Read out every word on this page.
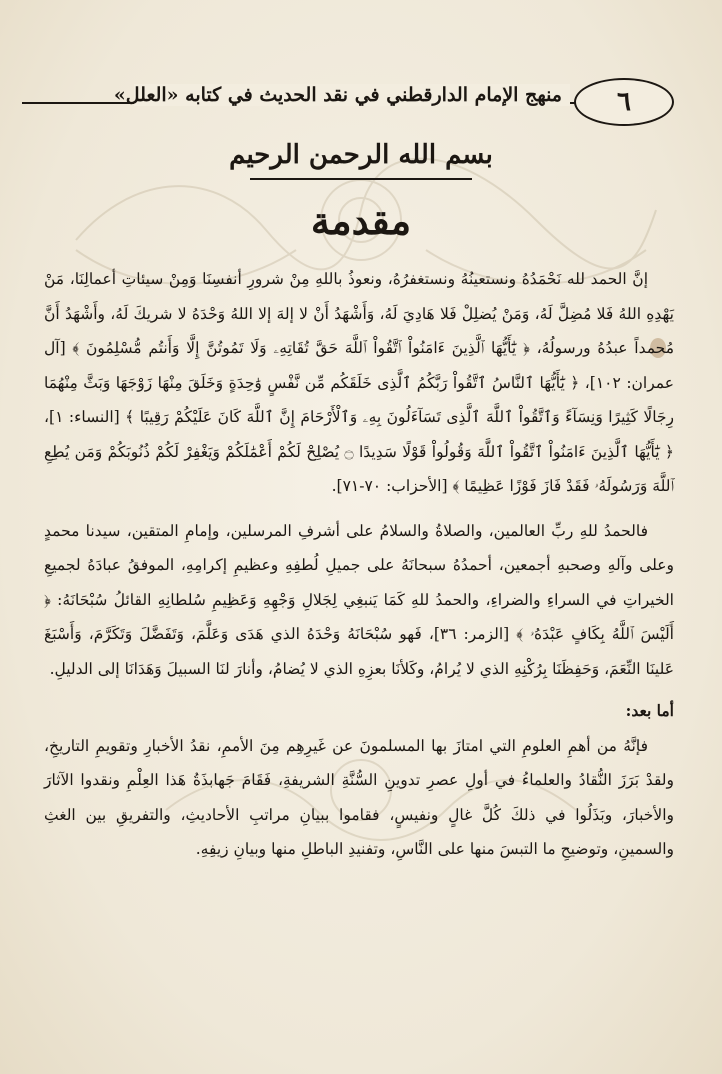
منهج الإمام الدارقطني في نقد الحديث في كتابه «العلل»	٦
بسم الله الرحمن الرحيم
مقدمة

إنَّ الحمد لله نَحْمَدُهُ ونستعينُهُ ونستغفرُهُ، ونعوذُ باللهِ مِنْ شرورِ أنفسِنَا وَمِنْ سيئاتِ أعمالِنَا، مَنْ يَهْدِهِ اللهُ فَلا مُضِلَّ لَهُ، وَمَنْ يُضلِلْ فَلا هَادِيَ لَهُ، وَأَشْهَدُ أَنْ لا إلهَ إلا اللهُ وَحْدَهُ لا شريكَ لَهُ، وأَشْهَدُ أَنَّ مُحمداً عبدُهُ ورسولُهُ، ﴿ يَٰٓأَيُّهَا ٱلَّذِينَ ءَامَنُواْ ٱتَّقُواْ ٱللَّهَ حَقَّ تُقَاتِهِۦ وَلَا تَمُوتُنَّ إِلَّا وَأَنتُم مُّسْلِمُونَ ﴾ [آل عمران: ١٠٢]، ﴿ يَٰٓأَيُّهَا ٱلنَّاسُ ٱتَّقُواْ رَبَّكُمُ ٱلَّذِى خَلَقَكُم مِّن نَّفْسٍ وَٰحِدَةٍ وَخَلَقَ مِنْهَا زَوْجَهَا وَبَثَّ مِنْهُمَا رِجَالًا كَثِيرًا وَنِسَآءً وَٱتَّقُواْ ٱللَّهَ ٱلَّذِى تَسَآءَلُونَ بِهِۦ وَٱلْأَرْحَامَ إِنَّ ٱللَّهَ كَانَ عَلَيْكُمْ رَقِيبًا ﴾ [النساء: ١]، ﴿ يَٰٓأَيُّهَا ٱلَّذِينَ ءَامَنُواْ ٱتَّقُواْ ٱللَّهَ وَقُولُواْ قَوْلًا سَدِيدًا ۝ يُصْلِحْ لَكُمْ أَعْمَٰلَكُمْ وَيَغْفِرْ لَكُمْ ذُنُوبَكُمْ وَمَن يُطِعِ ٱللَّهَ وَرَسُولَهُۥ فَقَدْ فَازَ فَوْزًا عَظِيمًا ﴾ [الأحزاب: ٧٠-٧١].

فالحمدُ للهِ ربِّ العالمين، والصلاةُ والسلامُ على أشرفِ المرسلين، وإمامِ المتقين، سيدنا محمدٍ وعلى وآلهِ وصحبهِ أجمعين، أحمدُهُ سبحانَهُ على جميلِ لُطفِهِ وعظيمِ إكرامِهِ، الموفقُ عبادَهُ لجميعِ الخيراتِ في السراءِ والضراءِ، والحمدُ للهِ كَمَا يَنبغِي لِجَلالِ وَجْهِهِ وَعَظِيمِ سُلطانِهِ القائلُ سُبْحَانَهُ: ﴿ أَلَيْسَ ٱللَّهُ بِكَافٍ عَبْدَهُۥ ﴾ [الزمر: ٣٦]، فَهو سُبْحَانَهُ وَحْدَهُ الذي هَدَى وَعَلَّمَ، وَتَفَضَّلَ وَتَكَرَّمَ، وَأَسْبَغَ عَلينَا النِّعَمَ، وَحَفِظَنَا بِرُكْنِهِ الذي لا يُرامُ، وكَلأنَا بعزِهِ الذي لا يُضامُ، وأنارَ لنَا السبيلَ وَهَدَانَا إلى الدليلِ.

أما بعد:

فإنَّهُ من أهمِ العلومِ التي امتازَ بها المسلمونَ عن غَيرِهِم مِنَ الأممِ، نقدُ الأخبارِ وتقويمِ التاريخِ، ولقدْ بَرَزَ النُّقادُ والعلماءُ في أولِ عصرِ تدوينِ السُّنَّةِ الشريفةِ، فَقَامَ جَهابذَةُ هَذا العِلْمِ ونقدوا الآثارَ والأخبارَ، وبَذَلُوا في ذلكَ كُلَّ غالٍ ونفيسٍ، فقاموا ببيانِ مراتبِ الأحاديثِ، والتفريقِ بين الغثِ والسمينِ، وتوضيحِ ما التبسَ منها على النَّاسِ، وتفنيدِ الباطلِ منها وبيانِ زيفِهِ.
